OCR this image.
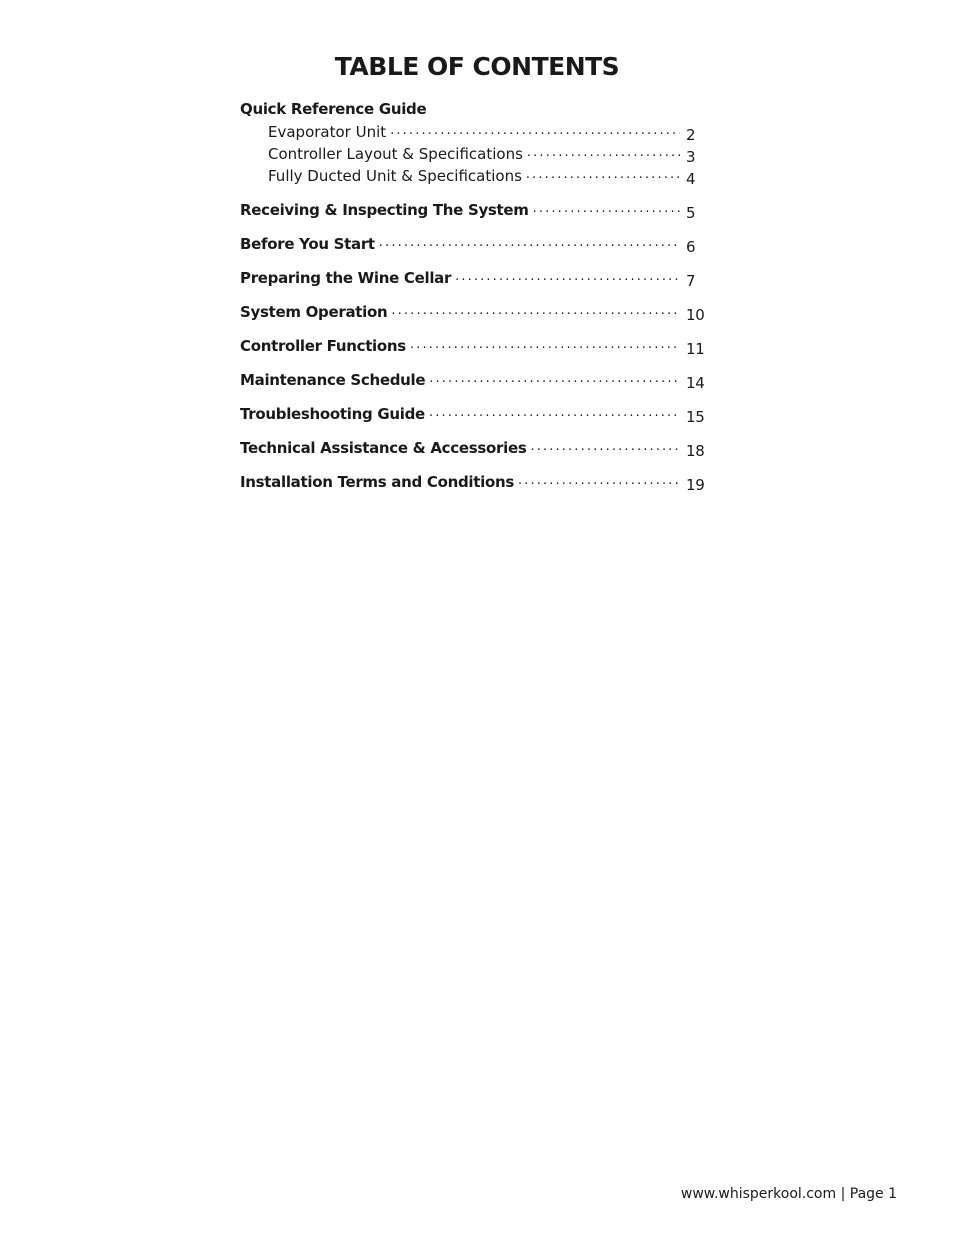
TABLE OF CONTENTS
Quick Reference Guide
Evaporator Unit . . .	2
Controller Layout & Specifications . . .	3
Fully Ducted Unit & Specifications . . .	4
Receiving & Inspecting The System . . .	5
Before You Start . . .	6
Preparing the Wine Cellar . . .	7
System Operation . . .	10
Controller Functions . . .	11
Maintenance Schedule . . .	14
Troubleshooting Guide . . .	15
Technical Assistance & Accessories . . .	18
Installation Terms and Conditions . . .	19
www.whisperkool.com | Page 1
